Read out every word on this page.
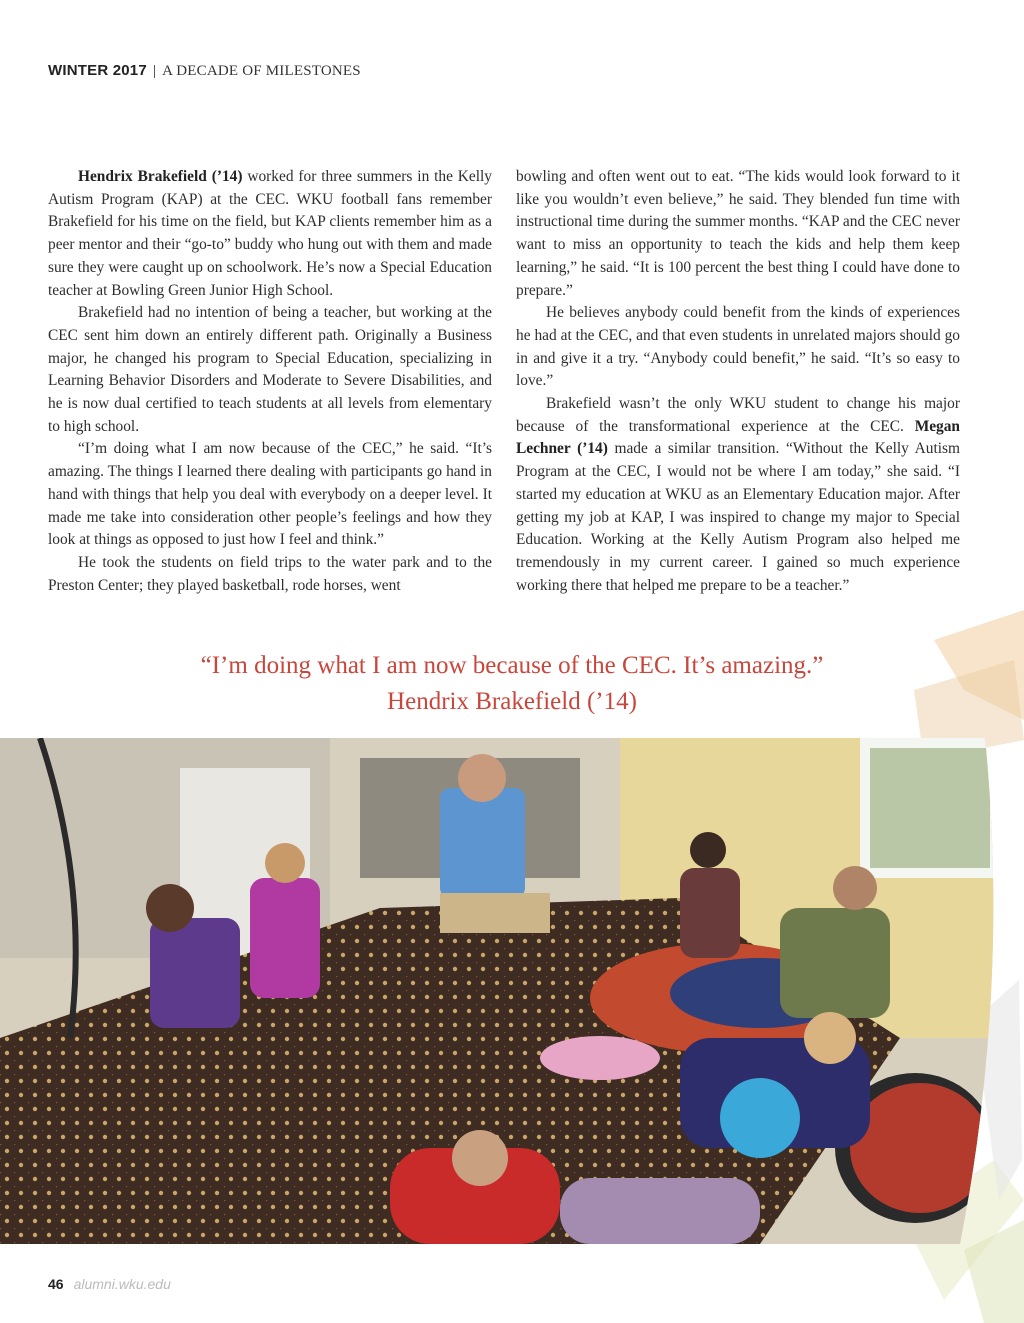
WINTER 2017 | A DECADE OF MILESTONES

Hendrix Brakefield (’14) worked for three summers in the Kelly Autism Program (KAP) at the CEC. WKU football fans remember Brakefield for his time on the field, but KAP clients remember him as a peer mentor and their “go-to” buddy who hung out with them and made sure they were caught up on schoolwork. He’s now a Special Education teacher at Bowling Green Junior High School.

Brakefield had no intention of being a teacher, but working at the CEC sent him down an entirely different path. Originally a Business major, he changed his program to Special Education, specializing in Learning Behavior Disorders and Moderate to Severe Disabilities, and he is now dual certified to teach students at all levels from elementary to high school.

“I’m doing what I am now because of the CEC,” he said. “It’s amazing. The things I learned there dealing with participants go hand in hand with things that help you deal with everybody on a deeper level. It made me take into consideration other people’s feelings and how they look at things as opposed to just how I feel and think.”

He took the students on field trips to the water park and to the Preston Center; they played basketball, rode horses, went

bowling and often went out to eat. “The kids would look forward to it like you wouldn’t even believe,” he said. They blended fun time with instructional time during the summer months. “KAP and the CEC never want to miss an opportunity to teach the kids and help them keep learning,” he said. “It is 100 percent the best thing I could have done to prepare.”

He believes anybody could benefit from the kinds of experiences he had at the CEC, and that even students in unrelated majors should go in and give it a try. “Anybody could benefit,” he said. “It’s so easy to love.”

Brakefield wasn’t the only WKU student to change his major because of the transformational experience at the CEC. Megan Lechner (’14) made a similar transition. “Without the Kelly Autism Program at the CEC, I would not be where I am today,” she said. “I started my education at WKU as an Elementary Education major. After getting my job at KAP, I was inspired to change my major to Special Education. Working at the Kelly Autism Program also helped me tremendously in my current career. I gained so much experience working there that helped me prepare to be a teacher.”

“I’m doing what I am now because of the CEC. It’s amazing.”
Hendrix Brakefield (’14)
46 alumni.wku.edu
